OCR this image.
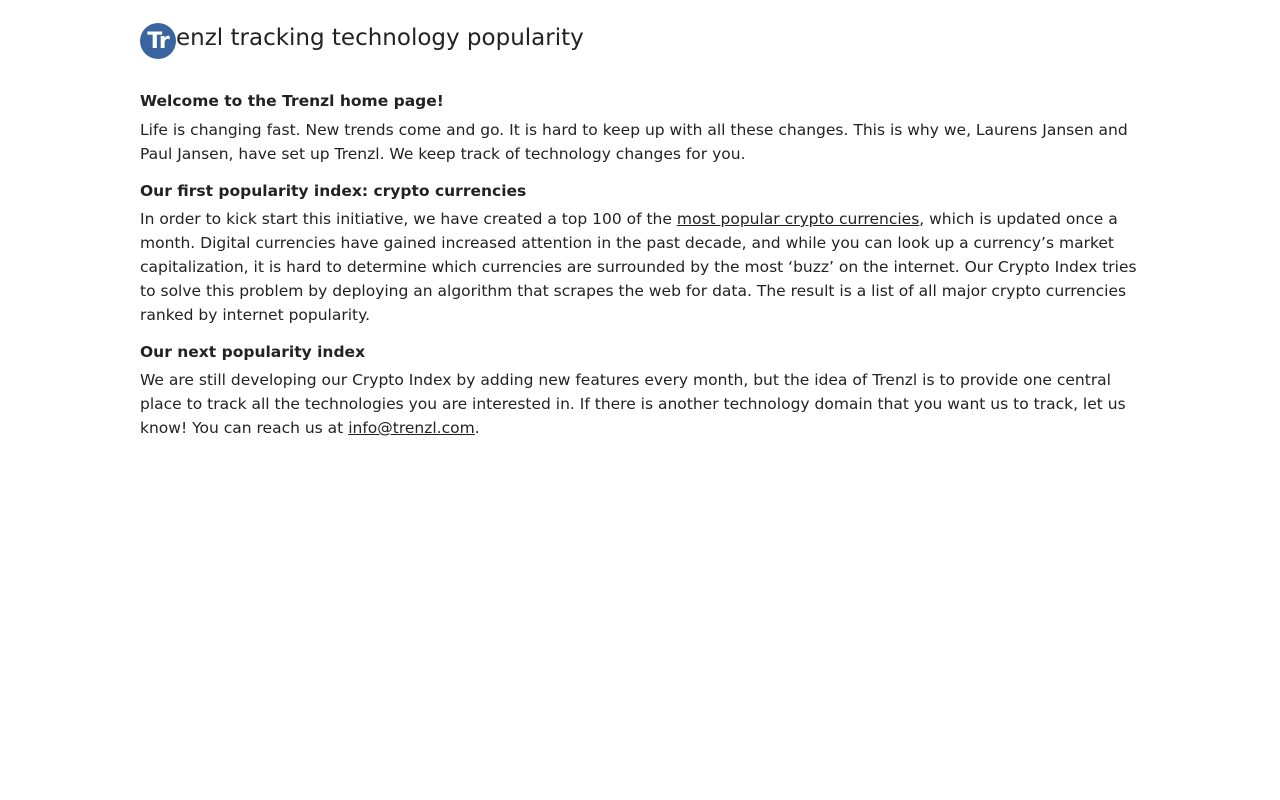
Tr enzl tracking technology popularity
Welcome to the Trenzl home page!

Life is changing fast. New trends come and go. It is hard to keep up with all these changes. This is why we, Laurens Jansen and Paul Jansen, have set up Trenzl. We keep track of technology changes for you.

Our first popularity index: crypto currencies

In order to kick start this initiative, we have created a top 100 of the most popular crypto currencies, which is updated once a month. Digital currencies have gained increased attention in the past decade, and while you can look up a currency’s market capitalization, it is hard to determine which currencies are surrounded by the most ‘buzz’ on the internet. Our Crypto Index tries to solve this problem by deploying an algorithm that scrapes the web for data. The result is a list of all major crypto currencies ranked by internet popularity.

Our next popularity index

We are still developing our Crypto Index by adding new features every month, but the idea of Trenzl is to provide one central place to track all the technologies you are interested in. If there is another technology domain that you want us to track, let us know! You can reach us at info@trenzl.com.
